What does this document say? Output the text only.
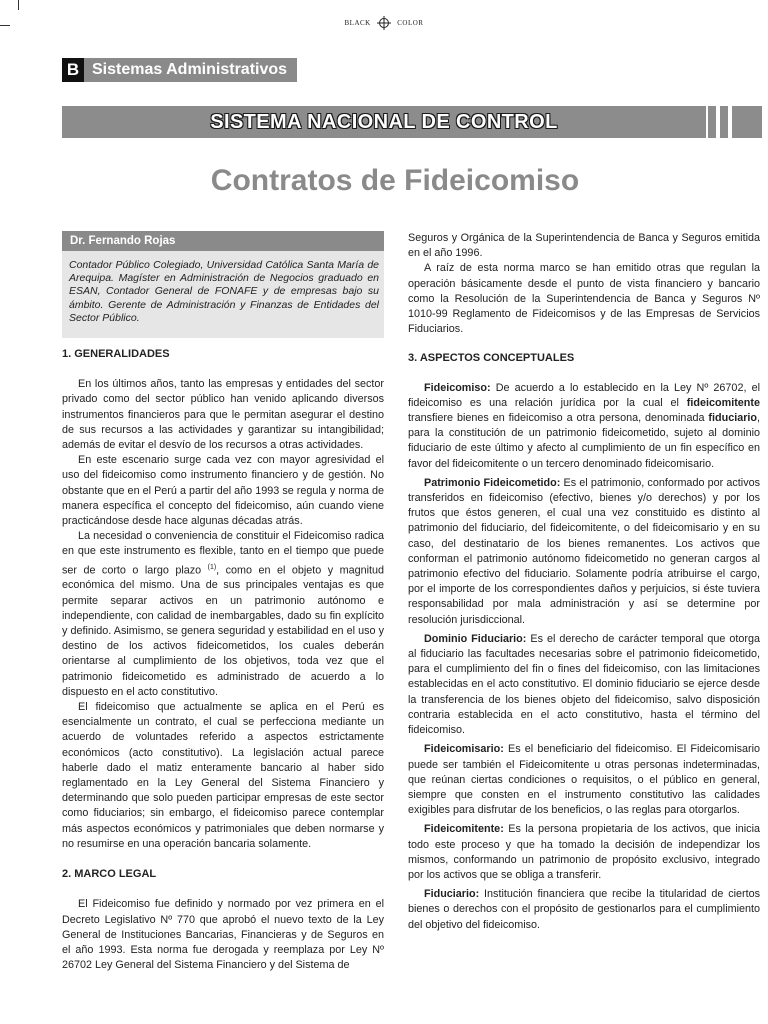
BLACK	COLOR
B Sistemas Administrativos
SISTEMA NACIONAL DE CONTROL
Contratos de Fideicomiso
Dr. Fernando Rojas
Contador Público Colegiado, Universidad Católica Santa María de Arequipa. Magíster en Administración de Negocios graduado en ESAN, Contador General de FONAFE y de empresas bajo su ámbito. Gerente de Administración y Finanzas de Entidades del Sector Público.
1. GENERALIDADES

En los últimos años, tanto las empresas y entidades del sector privado como del sector público han venido aplicando diversos instrumentos financieros para que le permitan asegurar el destino de sus recursos a las actividades y garantizar su intangibilidad; además de evitar el desvío de los recursos a otras actividades.

En este escenario surge cada vez con mayor agresividad el uso del fideicomiso como instrumento financiero y de gestión. No obstante que en el Perú a partir del año 1993 se regula y norma de manera específica el concepto del fideicomiso, aún cuando viene practicándose desde hace algunas décadas atrás.

La necesidad o conveniencia de constituir el Fideicomiso radica en que este instrumento es flexible, tanto en el tiempo que puede ser de corto o largo plazo $^{(1)}$, como en el objeto y magnitud económica del mismo. Una de sus principales ventajas es que permite separar activos en un patrimonio autónomo e independiente, con calidad de inembargables, dado su fin explícito y definido. Asimismo, se genera seguridad y estabilidad en el uso y destino de los activos fideicometidos, los cuales deberán orientarse al cumplimiento de los objetivos, toda vez que el patrimonio fideicometido es administrado de acuerdo a lo dispuesto en el acto constitutivo.

El fideicomiso que actualmente se aplica en el Perú es esencialmente un contrato, el cual se perfecciona mediante un acuerdo de voluntades referido a aspectos estrictamente económicos (acto constitutivo). La legislación actual parece haberle dado el matiz enteramente bancario al haber sido reglamentado en la Ley General del Sistema Financiero y determinando que solo pueden participar empresas de este sector como fiduciarios; sin embargo, el fideicomiso parece contemplar más aspectos económicos y patrimoniales que deben normarse y no resumirse en una operación bancaria solamente.

2. MARCO LEGAL

El Fideicomiso fue definido y normado por vez primera en el Decreto Legislativo Nº 770 que aprobó el nuevo texto de la Ley General de Instituciones Bancarias, Financieras y de Seguros en el año 1993. Esta norma fue derogada y reemplaza por Ley Nº 26702 Ley General del Sistema Financiero y del Sistema de

Seguros y Orgánica de la Superintendencia de Banca y Seguros emitida en el año 1996.

A raíz de esta norma marco se han emitido otras que regulan la operación básicamente desde el punto de vista financiero y bancario como la Resolución de la Superintendencia de Banca y Seguros Nº 1010-99 Reglamento de Fideicomisos y de las Empresas de Servicios Fiduciarios.

3. ASPECTOS CONCEPTUALES

Fideicomiso: De acuerdo a lo establecido en la Ley Nº 26702, el fideicomiso es una relación jurídica por la cual el fideicomitente transfiere bienes en fideicomiso a otra persona, denominada fiduciario, para la constitución de un patrimonio fideicometido, sujeto al dominio fiduciario de este último y afecto al cumplimiento de un fin específico en favor del fideicomitente o un tercero denominado fideicomisario.

Patrimonio Fideicometido: Es el patrimonio, conformado por activos transferidos en fideicomiso (efectivo, bienes y/o derechos) y por los frutos que éstos generen, el cual una vez constituido es distinto al patrimonio del fiduciario, del fideicomitente, o del fideicomisario y en su caso, del destinatario de los bienes remanentes. Los activos que conforman el patrimonio autónomo fideicometido no generan cargos al patrimonio efectivo del fiduciario. Solamente podría atribuirse el cargo, por el importe de los correspondientes daños y perjuicios, si éste tuviera responsabilidad por mala administración y así se determine por resolución jurisdiccional.

Dominio Fiduciario: Es el derecho de carácter temporal que otorga al fiduciario las facultades necesarias sobre el patrimonio fideicometido, para el cumplimiento del fin o fines del fideicomiso, con las limitaciones establecidas en el acto constitutivo. El dominio fiduciario se ejerce desde la transferencia de los bienes objeto del fideicomiso, salvo disposición contraria establecida en el acto constitutivo, hasta el término del fideicomiso.

Fideicomisario: Es el beneficiario del fideicomiso. El Fideicomisario puede ser también el Fideicomitente u otras personas indeterminadas, que reúnan ciertas condiciones o requisitos, o el público en general, siempre que consten en el instrumento constitutivo las calidades exigibles para disfrutar de los beneficios, o las reglas para otorgarlos.

Fideicomitente: Es la persona propietaria de los activos, que inicia todo este proceso y que ha tomado la decisión de independizar los mismos, conformando un patrimonio de propósito exclusivo, integrado por los activos que se obliga a transferir.

Fiduciario: Institución financiera que recibe la titularidad de ciertos bienes o derechos con el propósito de gestionarlos para el cumplimiento del objetivo del fideicomiso.
